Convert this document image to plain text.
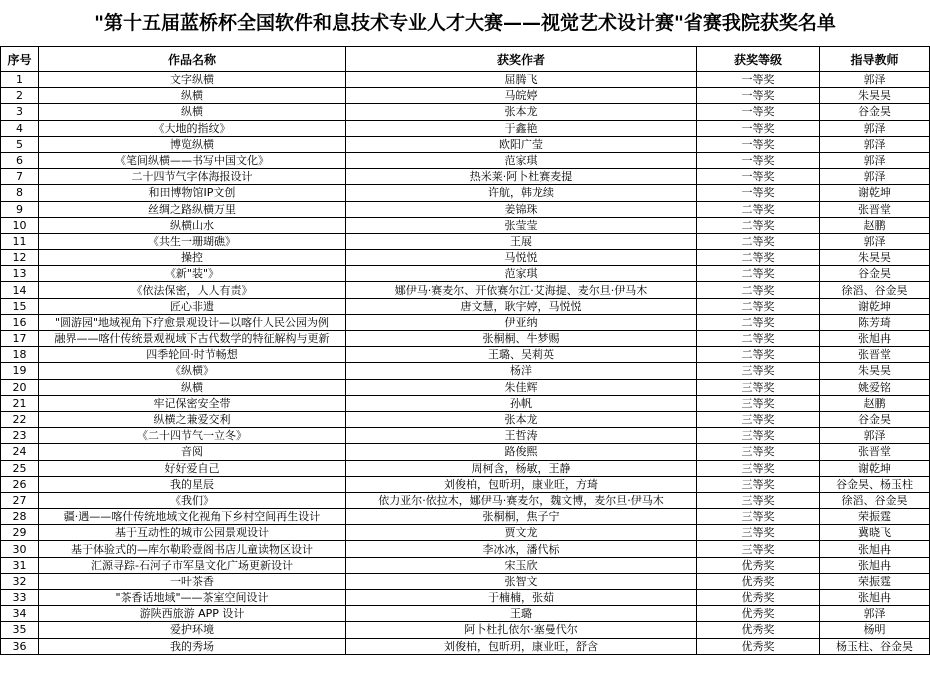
"第十五届蓝桥杯全国软件和息技术专业人才大赛——视觉艺术设计赛"省赛我院获奖名单
序号	作品名称	获奖作者	获奖等级	指导教师
1	文字纵横	屈腾飞	一等奖	郭泽
2	纵横	马皖婷	一等奖	朱昊昊
3	纵横	张本龙	一等奖	谷金昊
4	《大地的指纹》	于鑫艳	一等奖	郭泽
5	博览纵横	欧阳广莹	一等奖	郭泽
6	《笔间纵横——书写中国文化》	范家琪	一等奖	郭泽
7	二十四节气字体海报设计	热米莱·阿卜杜赛麦提	一等奖	郭泽
8	和田博物馆IP文创	许航，韩龙续	一等奖	谢乾坤
9	丝绸之路纵横万里	姜锦珠	二等奖	张晋堂
10	纵横山水	张莹莹	二等奖	赵鹏
11	《共生一珊瑚礁》	王展	二等奖	郭泽
12	操控	马悦悦	二等奖	朱昊昊
13	《新"装"》	范家琪	二等奖	谷金昊
14	《依法保密，人人有责》	娜伊马·赛麦尔、开依赛尔江·艾海提、麦尔旦·伊马木	二等奖	徐滔、谷金昊
15	匠心非遗	唐文慧，耿宇婷，马悦悦	二等奖	谢乾坤
16	"圆游园"地域视角下疗愈景观设计—以喀什人民公园为例	伊亚纳	二等奖	陈芳琦
17	融界——喀什传统景观视域下古代数学的特征解构与更新	张桐桐、牛梦赐	二等奖	张旭冉
18	四季轮回·时节畅想	王璐、吴莉英	二等奖	张晋堂
19	《纵横》	杨洋	三等奖	朱昊昊
20	纵横	朱佳辉	三等奖	姚爱铭
21	牢记保密安全带	孙帆	三等奖	赵鹏
22	纵横之兼爱交利	张本龙	三等奖	谷金昊
23	《二十四节气一立冬》	王哲涛	三等奖	郭泽
24	音阅	路俊熙	三等奖	张晋堂
25	好好爱自己	周柯含，杨敏，王静	三等奖	谢乾坤
26	我的星辰	刘俊柏，包昕玥，康业旺，方琦	三等奖	谷金昊、杨玉柱
27	《我们》	依力亚尔·依拉木，娜伊马·赛麦尔，魏文博，麦尔旦·伊马木	三等奖	徐滔、谷金昊
28	疆·遇——喀什传统地域文化视角下乡村空间再生设计	张桐桐，焦子宁	三等奖	荣振霆
29	基于互动性的城市公园景观设计	贾文龙	三等奖	冀晓飞
30	基于体验式的—库尔勒聆壹阁书店儿童读物区设计	李冰冰，潘代标	三等奖	张旭冉
31	汇源寻踪-石河子市军垦文化广场更新设计	宋玉欣	优秀奖	张旭冉
32	一叶茶香	张智文	优秀奖	荣振霆
33	"茶香话地域"——茶室空间设计	于楠楠，张茹	优秀奖	张旭冉
34	游陕西旅游 APP 设计	王璐	优秀奖	郭泽
35	爱护环境	阿卜杜扎依尔·塞曼代尔	优秀奖	杨明
36	我的秀场	刘俊柏，包昕玥，康业旺，舒含	优秀奖	杨玉柱、谷金昊
